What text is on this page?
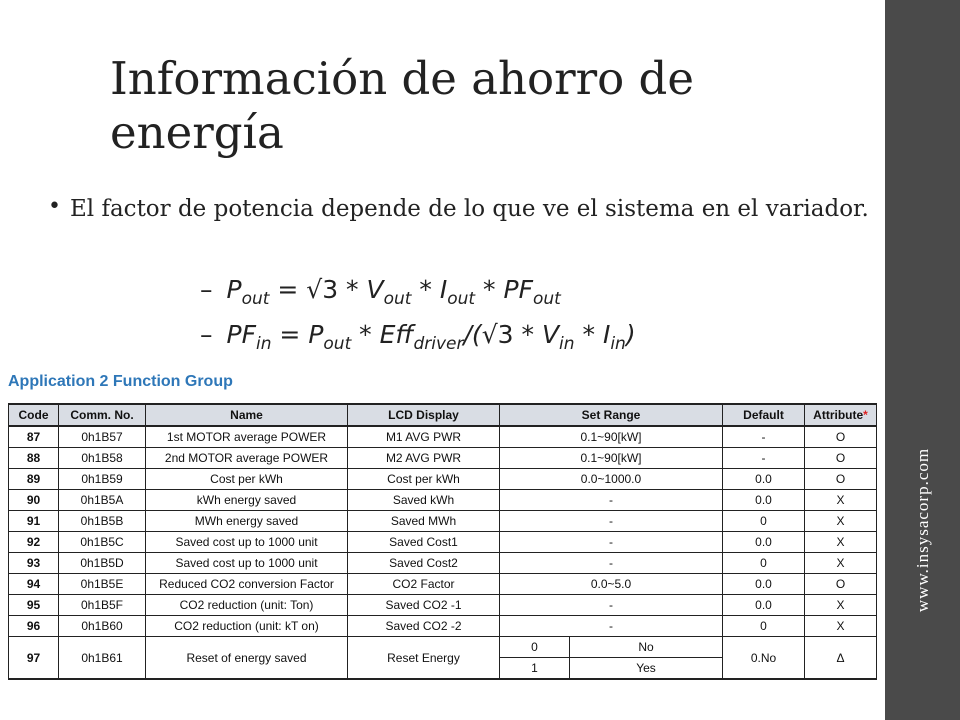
www.insysacorp.com
Información de ahorro de energía
• El factor de potencia depende de lo que ve el sistema en el variador.
– $P_{out} = √3 * V_{out} * I_{out} * PF_{out}$
– $PF_{in} = P_{out} * Eff_{driver}/(√3 * V_{in} * I_{in})$
Application 2 Function Group
Code	Comm. No.	Name	LCD Display	Set Range		Default	Attribute*
87	0h1B57	1st MOTOR average POWER	M1 AVG PWR	0.1~90[kW]		-	O
88	0h1B58	2nd MOTOR average POWER	M2 AVG PWR	0.1~90[kW]		-	O
89	0h1B59	Cost per kWh	Cost per kWh	0.0~1000.0		0.0	O
90	0h1B5A	kWh energy saved	Saved kWh	-		0.0	X
91	0h1B5B	MWh energy saved	Saved MWh	-		0	X
92	0h1B5C	Saved cost up to 1000 unit	Saved Cost1	-		0.0	X
93	0h1B5D	Saved cost up to 1000 unit	Saved Cost2	-		0	X
94	0h1B5E	Reduced CO2 conversion Factor	CO2 Factor	0.0~5.0		0.0	O
95	0h1B5F	CO2 reduction (unit: Ton)	Saved CO2 -1	-		0.0	X
96	0h1B60	CO2 reduction (unit: kT on)	Saved CO2 -2	-		0	X
97	0h1B61	Reset of energy saved	Reset Energy	0	No	0.No	Δ
				1	Yes		
